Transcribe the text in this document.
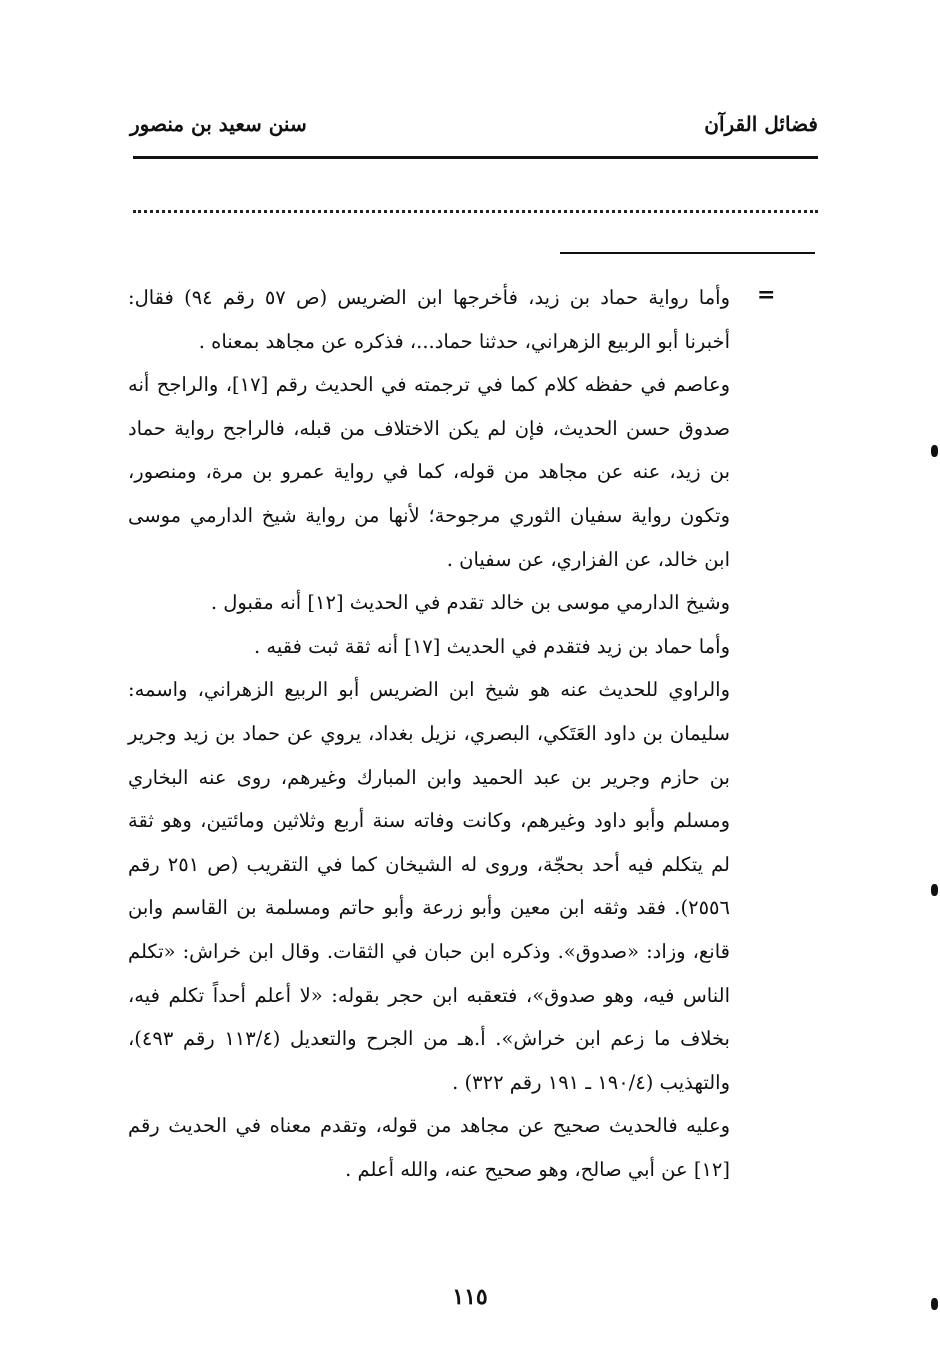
فضائل القرآن
سنن سعيد بن منصور
=

وأما رواية حماد بن زيد، فأخرجها ابن الضريس (ص ٥٧ رقم ٩٤) فقال: أخبرنا أبو الربيع الزهراني، حدثنا حماد...، فذكره عن مجاهد بمعناه .

وعاصم في حفظه كلام كما في ترجمته في الحديث رقم [١٧]، والراجح أنه صدوق حسن الحديث، فإن لم يكن الاختلاف من قبله، فالراجح رواية حماد بن زيد، عنه عن مجاهد من قوله، كما في رواية عمرو بن مرة، ومنصور، وتكون رواية سفيان الثوري مرجوحة؛ لأنها من رواية شيخ الدارمي موسى ابن خالد، عن الفزاري، عن سفيان .

وشيخ الدارمي موسى بن خالد تقدم في الحديث [١٢] أنه مقبول .

وأما حماد بن زيد فتقدم في الحديث [١٧] أنه ثقة ثبت فقيه .

والراوي للحديث عنه هو شيخ ابن الضريس أبو الربيع الزهراني، واسمه: سليمان بن داود العَتَكي، البصري، نزيل بغداد، يروي عن حماد بن زيد وجرير بن حازم وجرير بن عبد الحميد وابن المبارك وغيرهم، روى عنه البخاري ومسلم وأبو داود وغيرهم، وكانت وفاته سنة أربع وثلاثين ومائتين، وهو ثقة لم يتكلم فيه أحد بحجّة، وروى له الشيخان كما في التقريب (ص ٢٥١ رقم ٢٥٥٦). فقد وثقه ابن معين وأبو زرعة وأبو حاتم ومسلمة بن القاسم وابن قانع، وزاد: «صدوق». وذكره ابن حبان في الثقات. وقال ابن خراش: «تكلم الناس فيه، وهو صدوق»، فتعقبه ابن حجر بقوله: «لا أعلم أحداً تكلم فيه، بخلاف ما زعم ابن خراش». أ.هـ من الجرح والتعديل (١١٣/٤ رقم ٤٩٣)، والتهذيب (١٩٠/٤ ـ ١٩١ رقم ٣٢٢) .

وعليه فالحديث صحيح عن مجاهد من قوله، وتقدم معناه في الحديث رقم [١٢] عن أبي صالح، وهو صحيح عنه، والله أعلم .

١١٥
